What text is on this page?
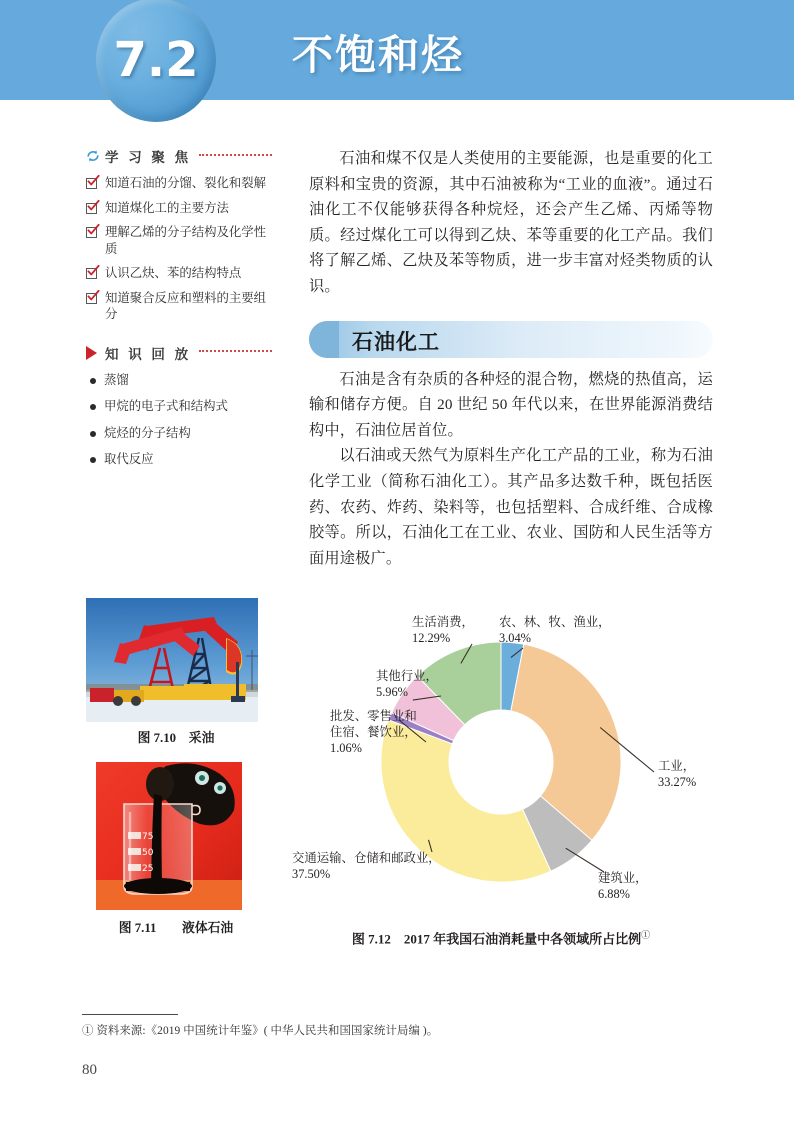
7.2	不饱和烃
学 习 聚 焦
知道石油的分馏、裂化和裂解
知道煤化工的主要方法
理解乙烯的分子结构及化学性质
认识乙炔、苯的结构特点
知道聚合反应和塑料的主要组分
知 识 回 放
蒸馏
甲烷的电子式和结构式
烷烃的分子结构
取代反应
图 7.10　采油
75
50
25
图 7.11　　液体石油

石油和煤不仅是人类使用的主要能源，也是重要的化工原料和宝贵的资源，其中石油被称为“工业的血液”。通过石油化工不仅能够获得各种烷烃，还会产生乙烯、丙烯等物质。经过煤化工可以得到乙炔、苯等重要的化工产品。我们将了解乙烯、乙炔及苯等物质，进一步丰富对烃类物质的认识。

石油化工

石油是含有杂质的各种烃的混合物，燃烧的热值高，运输和储存方便。自 20 世纪 50 年代以来，在世界能源消费结构中，石油位居首位。

以石油或天然气为原料生产化工产品的工业，称为石油化学工业（简称石油化工）。其产品多达数千种，既包括医药、农药、炸药、染料等，也包括塑料、合成纤维、合成橡胶等。所以，石油化工在工业、农业、国防和人民生活等方面用途极广。

农、林、牧、渔业，
3.04%
工业，
33.27%
建筑业，
6.88%
交通运输、仓储和邮政业，
37.50%
批发、零售业和
住宿、餐饮业，
1.06%
其他行业，
5.96%
生活消费，
12.29%
图 7.12　2017 年我国石油消耗量中各领域所占比例①
① 资料来源:《2019 中国统计年鉴》( 中华人民共和国国家统计局编 )。
80
